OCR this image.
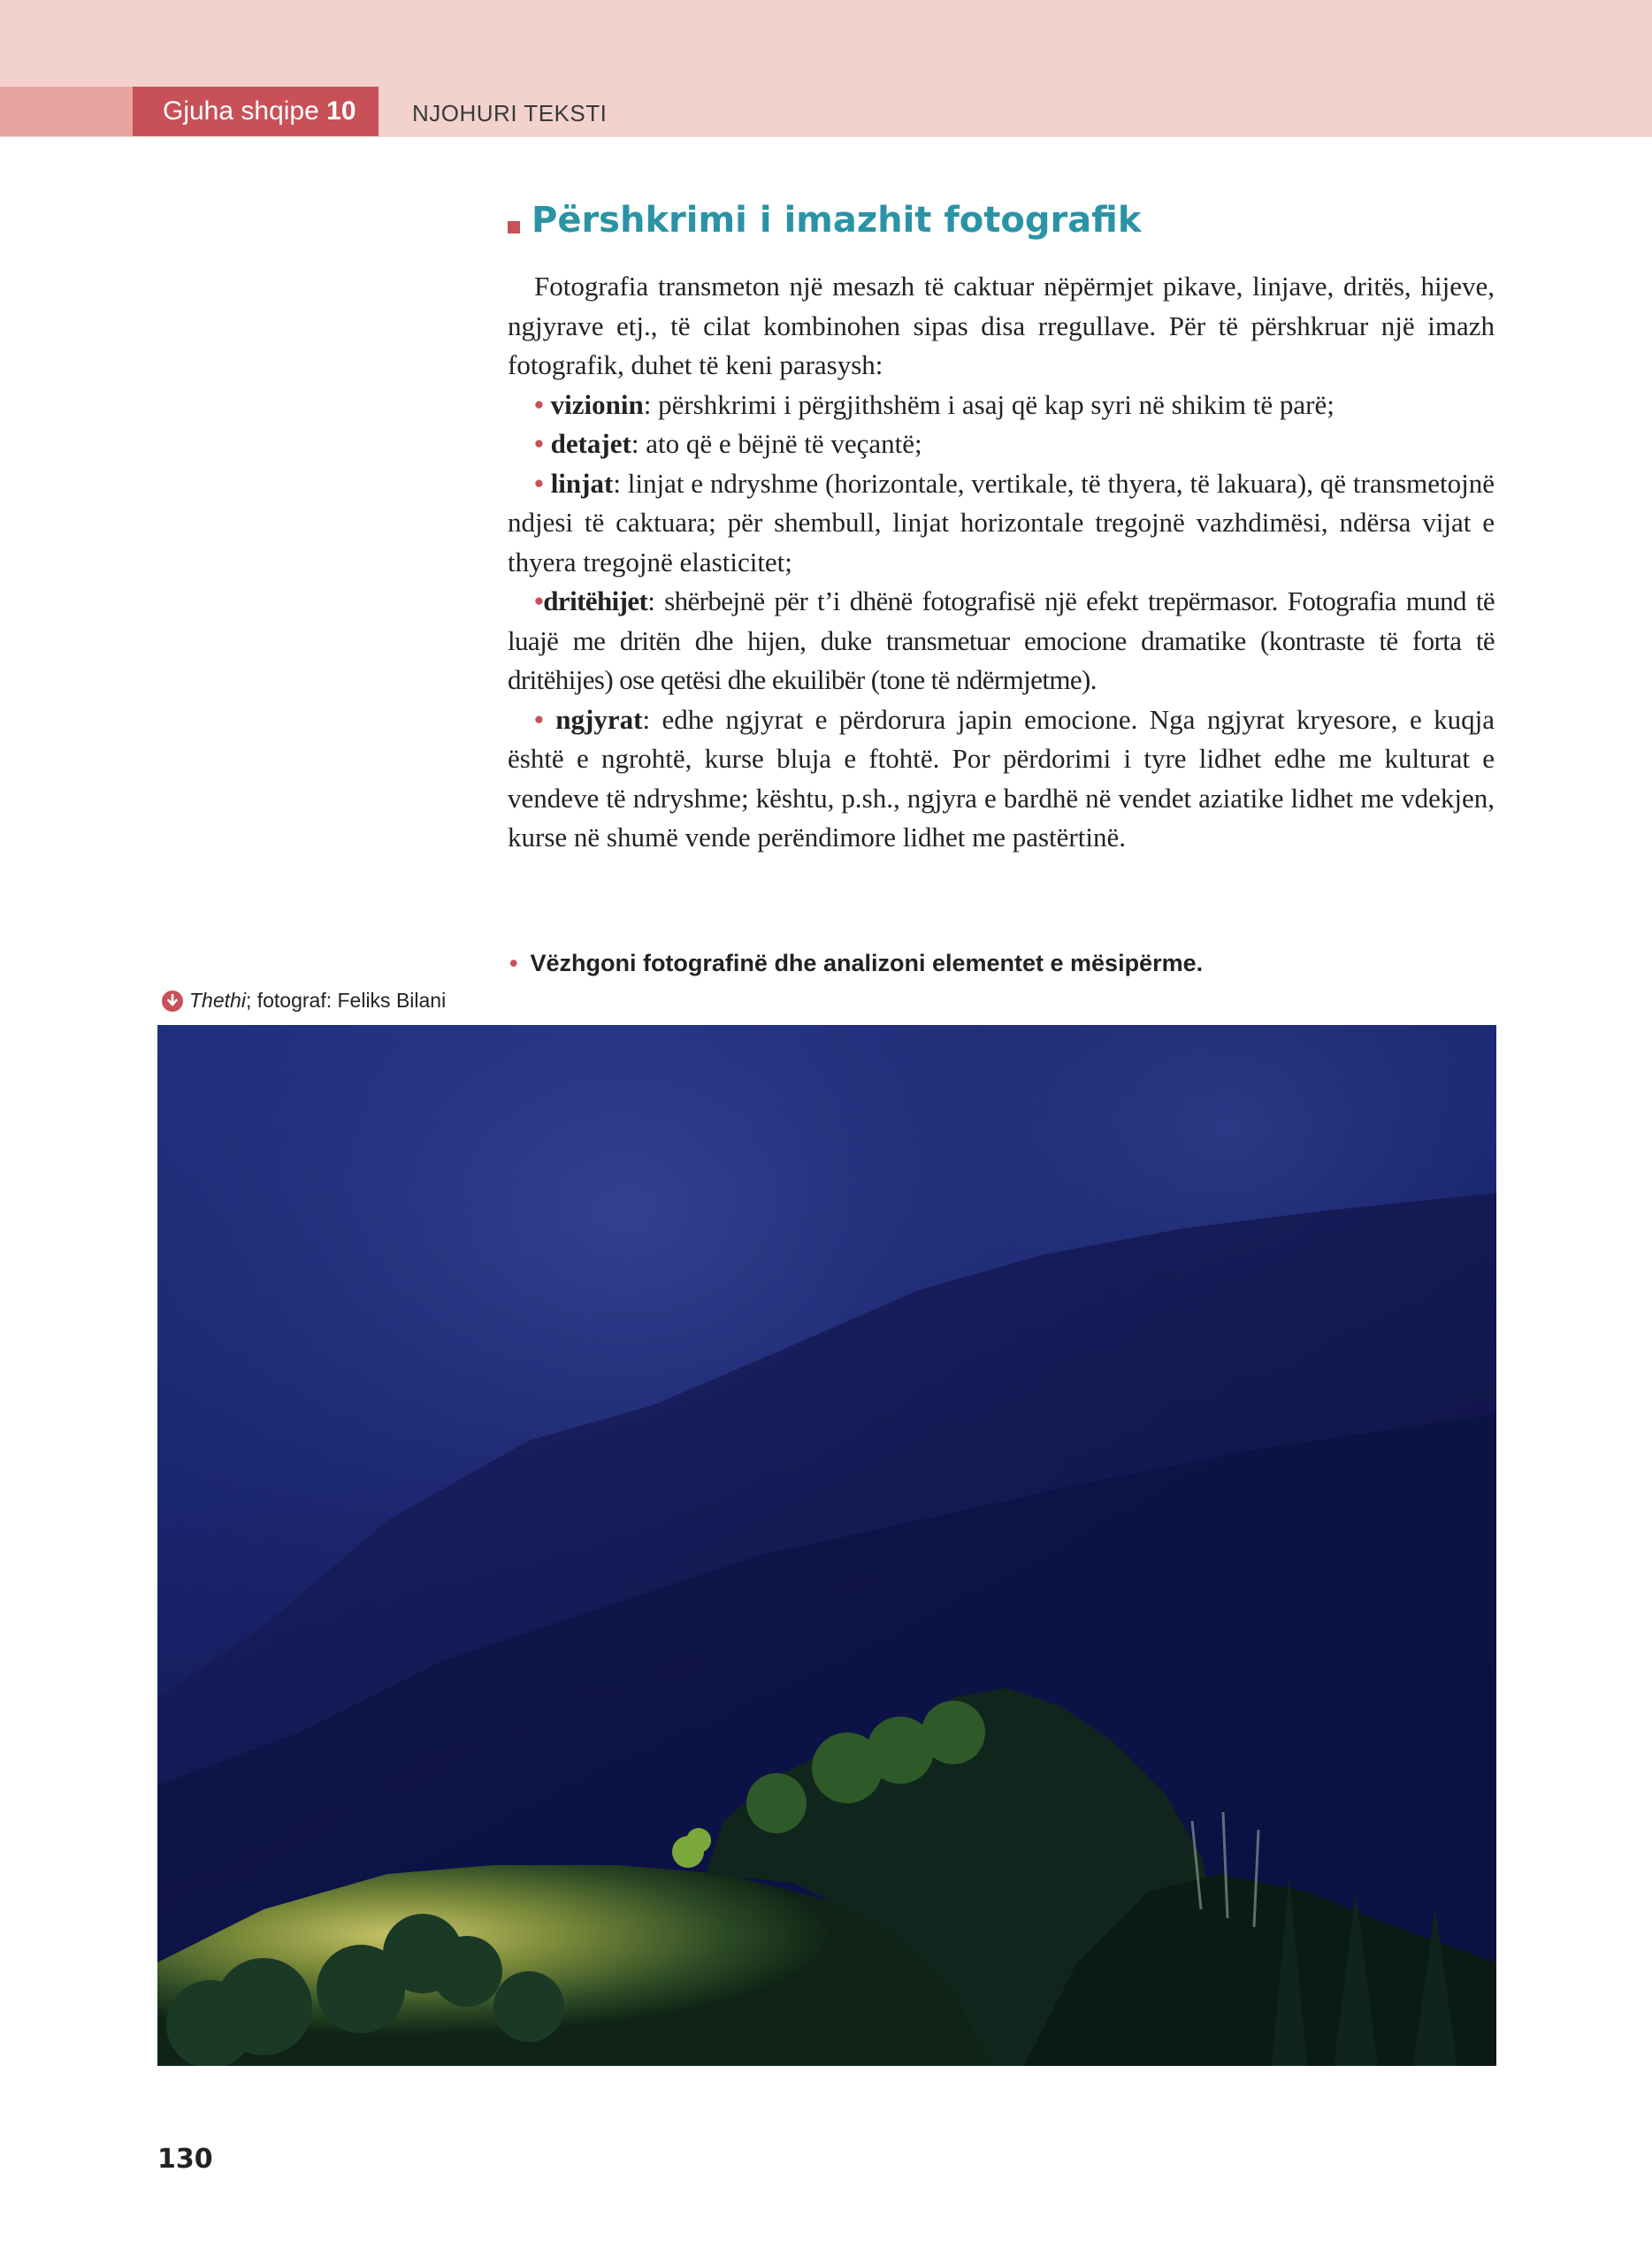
Gjuha shqipe 10	NJOHURI TEKSTI
Përshkrimi i imazhit fotografik

Fotografia transmeton një mesazh të caktuar nëpërmjet pikave, linjave, dritës, hijeve, ngjyrave etj., të cilat kombinohen sipas disa rregullave. Për të përshkruar një imazh fotografik, duhet të keni parasysh:

• vizionin: përshkrimi i përgjithshëm i asaj që kap syri në shikim të parë;

• detajet: ato që e bëjnë të veçantë;

• linjat: linjat e ndryshme (horizontale, vertikale, të thyera, të lakuara), që transmetojnë ndjesi të caktuara; për shembull, linjat horizontale tregojnë vazhdimësi, ndërsa vijat e thyera tregojnë elasticitet;

•dritëhijet: shërbejnë për t’i dhënë fotografisë një efekt trepërmasor. Fotografia mund të luajë me dritën dhe hijen, duke transmetuar emocione dramatike (kontraste të forta të dritëhijes) ose qetësi dhe ekuilibër (tone të ndërmjetme).

• ngjyrat: edhe ngjyrat e përdorura japin emocione. Nga ngjyrat kryesore, e kuqja është e ngrohtë, kurse bluja e ftohtë. Por përdorimi i tyre lidhet edhe me kulturat e vendeve të ndryshme; kështu, p.sh., ngjyra e bardhë në vendet aziatike lidhet me vdekjen, kurse në shumë vende perëndimore lidhet me pastërtinë.

• Vëzhgoni fotografinë dhe analizoni elementet e mësipërme.
Thethi ; fotograf: Feliks Bilani
130
